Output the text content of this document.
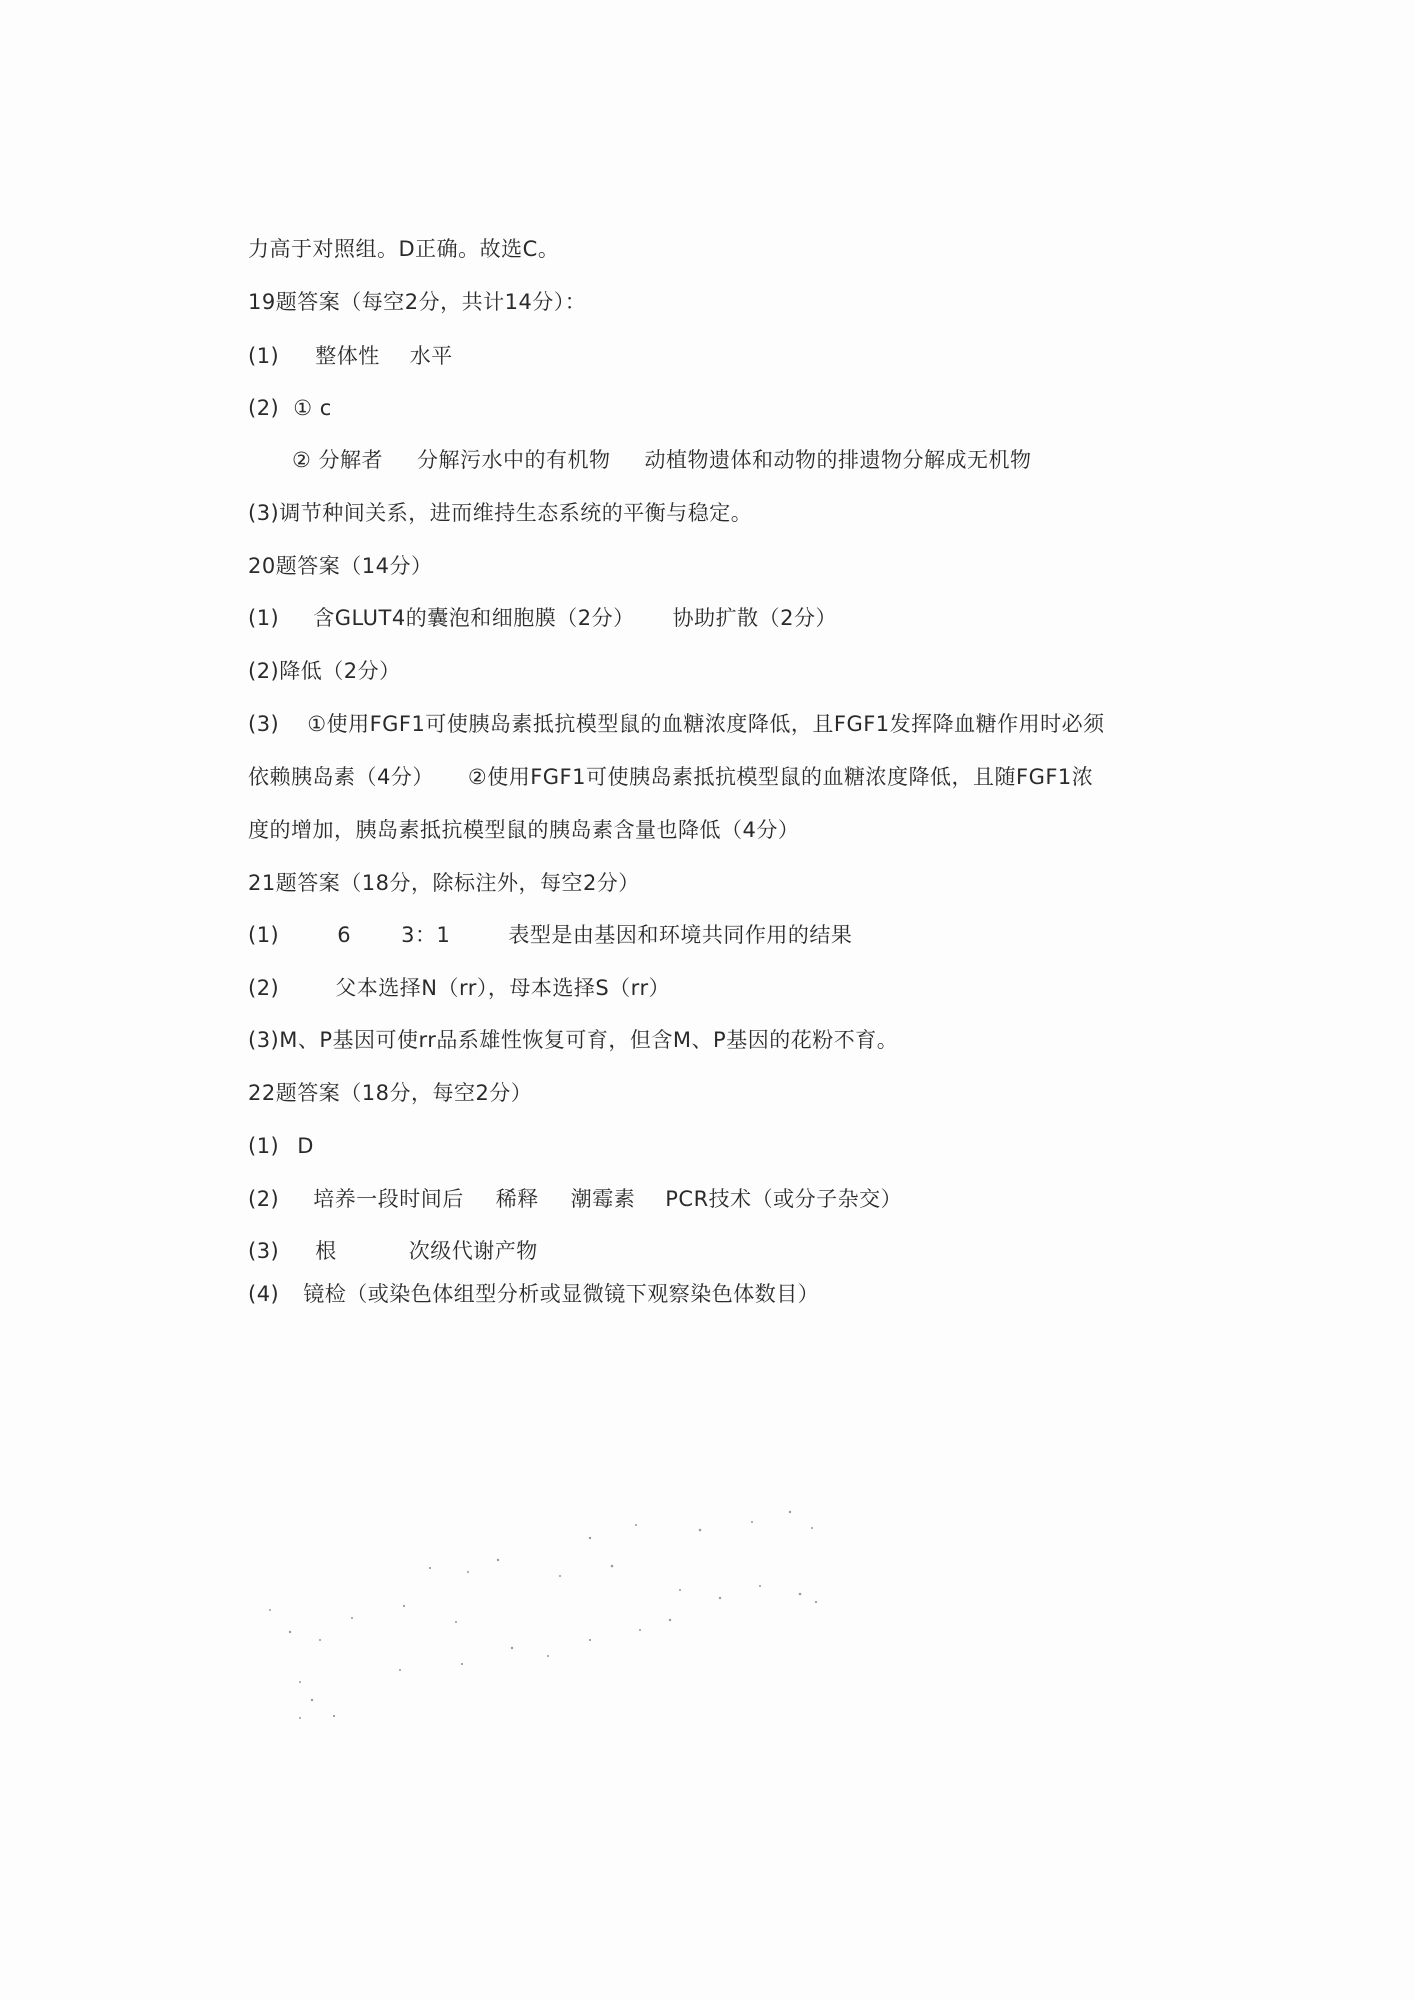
力高于对照组。D正确。故选C。
19题答案（每空2分，共计14分）：
(1) 整体性 水平
(2) ① c
② 分解者 分解污水中的有机物 动植物遗体和动物的排遗物分解成无机物
(3)调节种间关系，进而维持生态系统的平衡与稳定。
20题答案（14分）
(1) 含GLUT4的囊泡和细胞膜（2分） 协助扩散（2分）
(2)降低（2分）
(3) ①使用FGF1可使胰岛素抵抗模型鼠的血糖浓度降低，且FGF1发挥降血糖作用时必须
依赖胰岛素（4分） ②使用FGF1可使胰岛素抵抗模型鼠的血糖浓度降低，且随FGF1浓
度的增加，胰岛素抵抗模型鼠的胰岛素含量也降低（4分）
21题答案（18分，除标注外，每空2分）
(1)	6 3：1	表型是由基因和环境共同作用的结果
(2)	父本选择N（rr），母本选择S（rr）
(3)M、P基因可使rr品系雄性恢复可育，但含M、P基因的花粉不育。
22题答案（18分，每空2分）
(1) D
(2) 培养一段时间后 稀释 潮霉素 PCR技术（或分子杂交）
(3) 根	次级代谢产物
(4) 镜检（或染色体组型分析或显微镜下观察染色体数目）
